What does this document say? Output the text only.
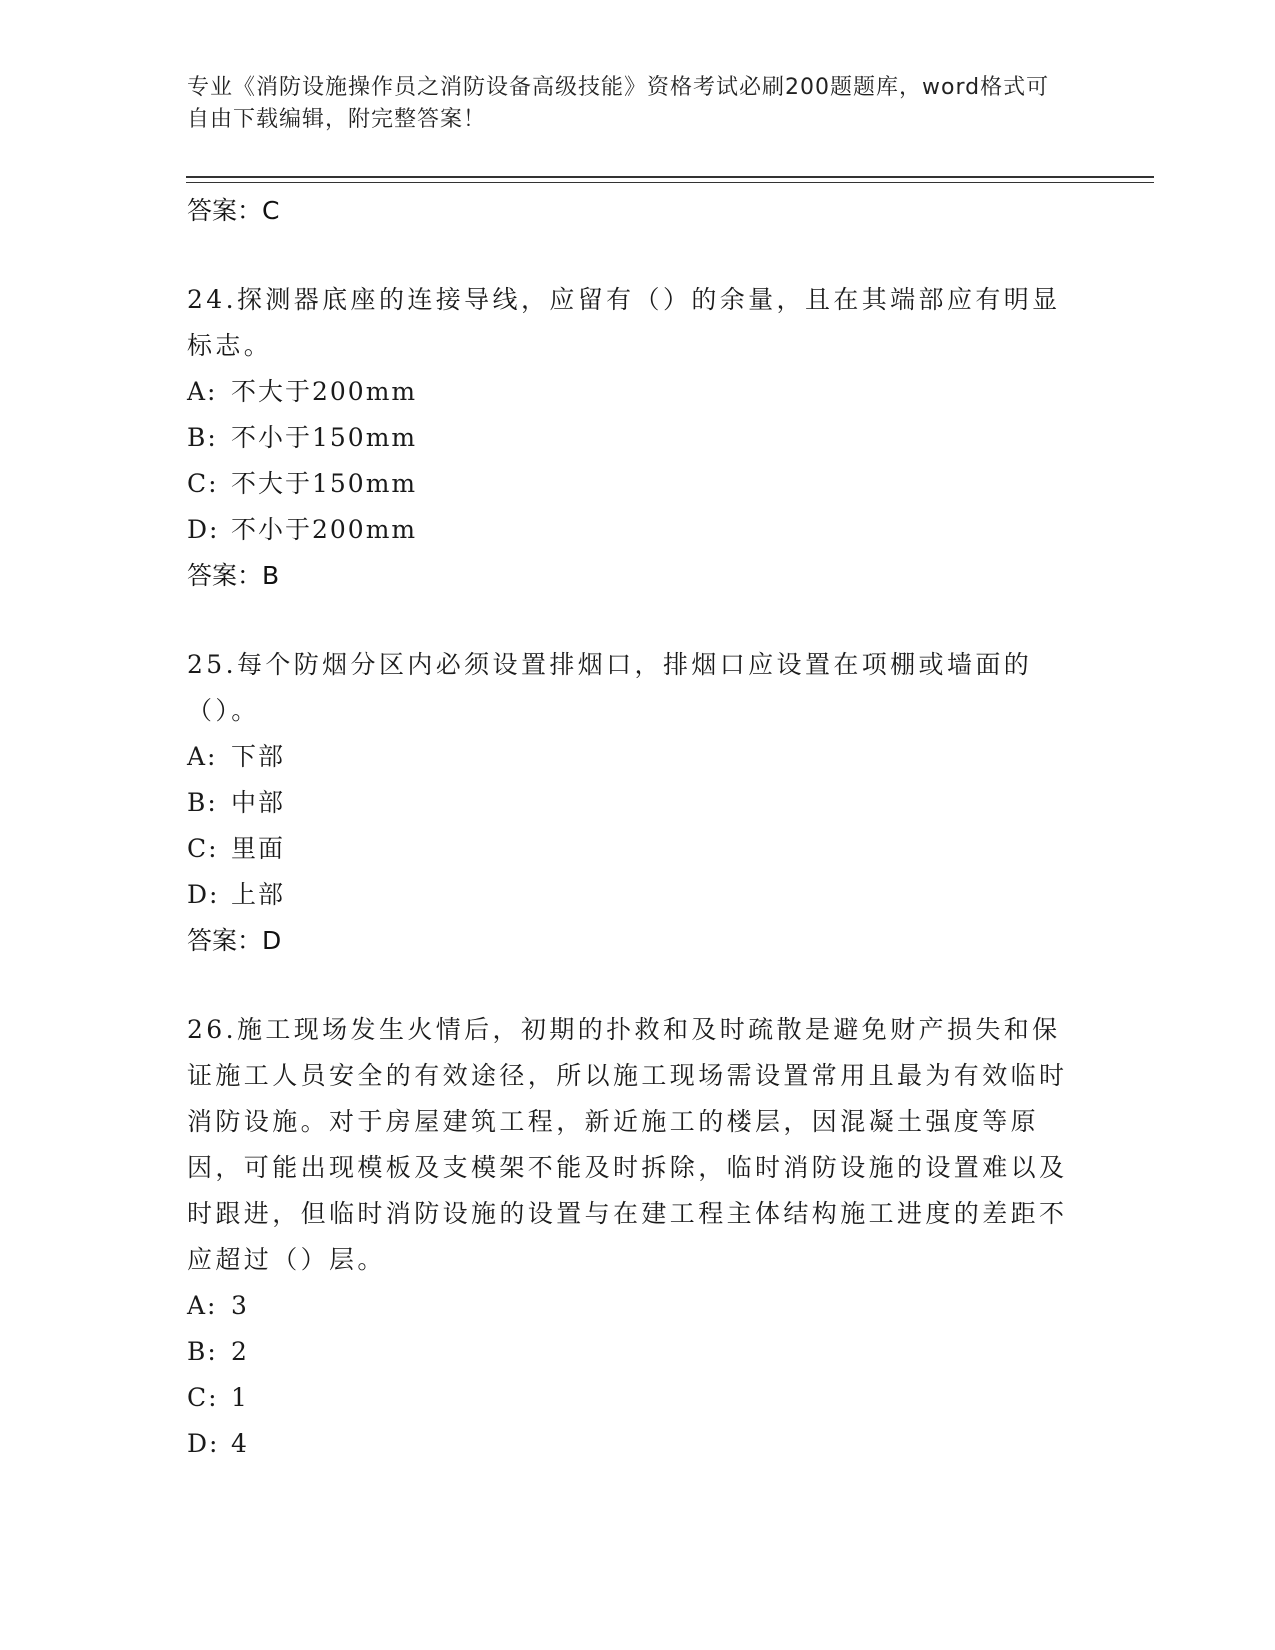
专业《消防设施操作员之消防设备高级技能》资格考试必刷200题题库，word格式可自由下载编辑，附完整答案！
答案：C
24.探测器底座的连接导线，应留有（）的余量，且在其端部应有明显标志。
A: 不大于200mm
B: 不小于150mm
C: 不大于150mm
D: 不小于200mm
答案：B
25.每个防烟分区内必须设置排烟口，排烟口应设置在项棚或墙面的（）。
A: 下部
B: 中部
C: 里面
D: 上部
答案：D
26.施工现场发生火情后，初期的扑救和及时疏散是避免财产损失和保证施工人员安全的有效途径，所以施工现场需设置常用且最为有效临时消防设施。对于房屋建筑工程，新近施工的楼层，因混凝土强度等原因，可能出现模板及支模架不能及时拆除，临时消防设施的设置难以及时跟进，但临时消防设施的设置与在建工程主体结构施工进度的差距不应超过（）层。
A: 3
B: 2
C: 1
D: 4
